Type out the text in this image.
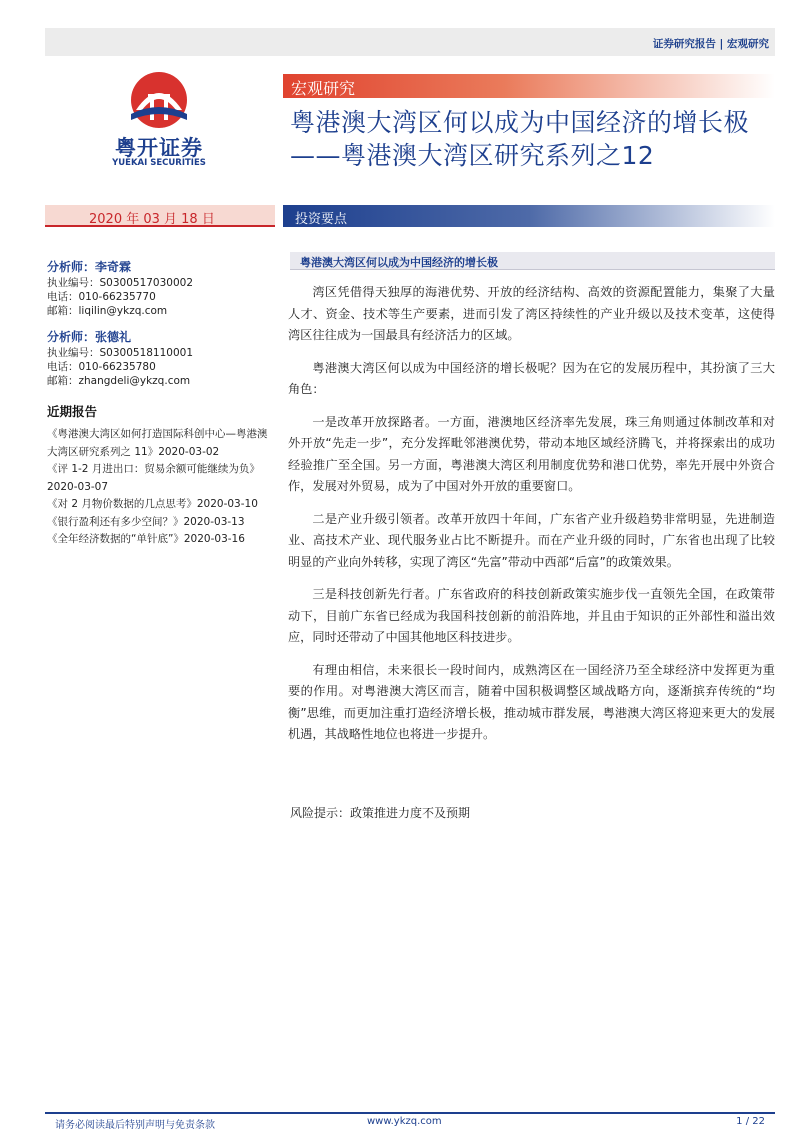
证券研究报告 | 宏观研究
粤开证券
YUEKAI SECURITIES
宏观研究
粤港澳大湾区何以成为中国经济的增长极——粤港澳大湾区研究系列之12
2020 年 03 月 18 日	投资要点
分析师：李奇霖
执业编号：S0300517030002
电话：010-66235770
邮箱：liqilin@ykzq.com
分析师：张德礼
执业编号：S0300518110001
电话：010-66235780
邮箱：zhangdeli@ykzq.com
近期报告
《粤港澳大湾区如何打造国际科创中心—粤港澳大湾区研究系列之 11》2020-03-02
《评 1-2 月进出口：贸易余额可能继续为负》2020-03-07
《对 2 月物价数据的几点思考》2020-03-10
《银行盈利还有多少空间？》2020-03-13
《全年经济数据的“单针底”》2020-03-16
粤港澳大湾区何以成为中国经济的增长极

湾区凭借得天独厚的海港优势、开放的经济结构、高效的资源配置能力，集聚了大量人才、资金、技术等生产要素，进而引发了湾区持续性的产业升级以及技术变革，这使得湾区往往成为一国最具有经济活力的区域。

粤港澳大湾区何以成为中国经济的增长极呢？因为在它的发展历程中，其扮演了三大角色：

一是改革开放探路者。一方面，港澳地区经济率先发展，珠三角则通过体制改革和对外开放“先走一步”，充分发挥毗邻港澳优势，带动本地区域经济腾飞，并将探索出的成功经验推广至全国。另一方面，粤港澳大湾区利用制度优势和港口优势，率先开展中外资合作，发展对外贸易，成为了中国对外开放的重要窗口。

二是产业升级引领者。改革开放四十年间，广东省产业升级趋势非常明显，先进制造业、高技术产业、现代服务业占比不断提升。而在产业升级的同时，广东省也出现了比较明显的产业向外转移，实现了湾区“先富”带动中西部“后富”的政策效果。

三是科技创新先行者。广东省政府的科技创新政策实施步伐一直领先全国，在政策带动下，目前广东省已经成为我国科技创新的前沿阵地，并且由于知识的正外部性和溢出效应，同时还带动了中国其他地区科技进步。

有理由相信，未来很长一段时间内，成熟湾区在一国经济乃至全球经济中发挥更为重要的作用。对粤港澳大湾区而言，随着中国积极调整区域战略方向，逐渐摈弃传统的“均衡”思维，而更加注重打造经济增长极，推动城市群发展，粤港澳大湾区将迎来更大的发展机遇，其战略性地位也将进一步提升。

风险提示：政策推进力度不及预期
请务必阅读最后特别声明与免责条款	www.ykzq.com	1 / 22
